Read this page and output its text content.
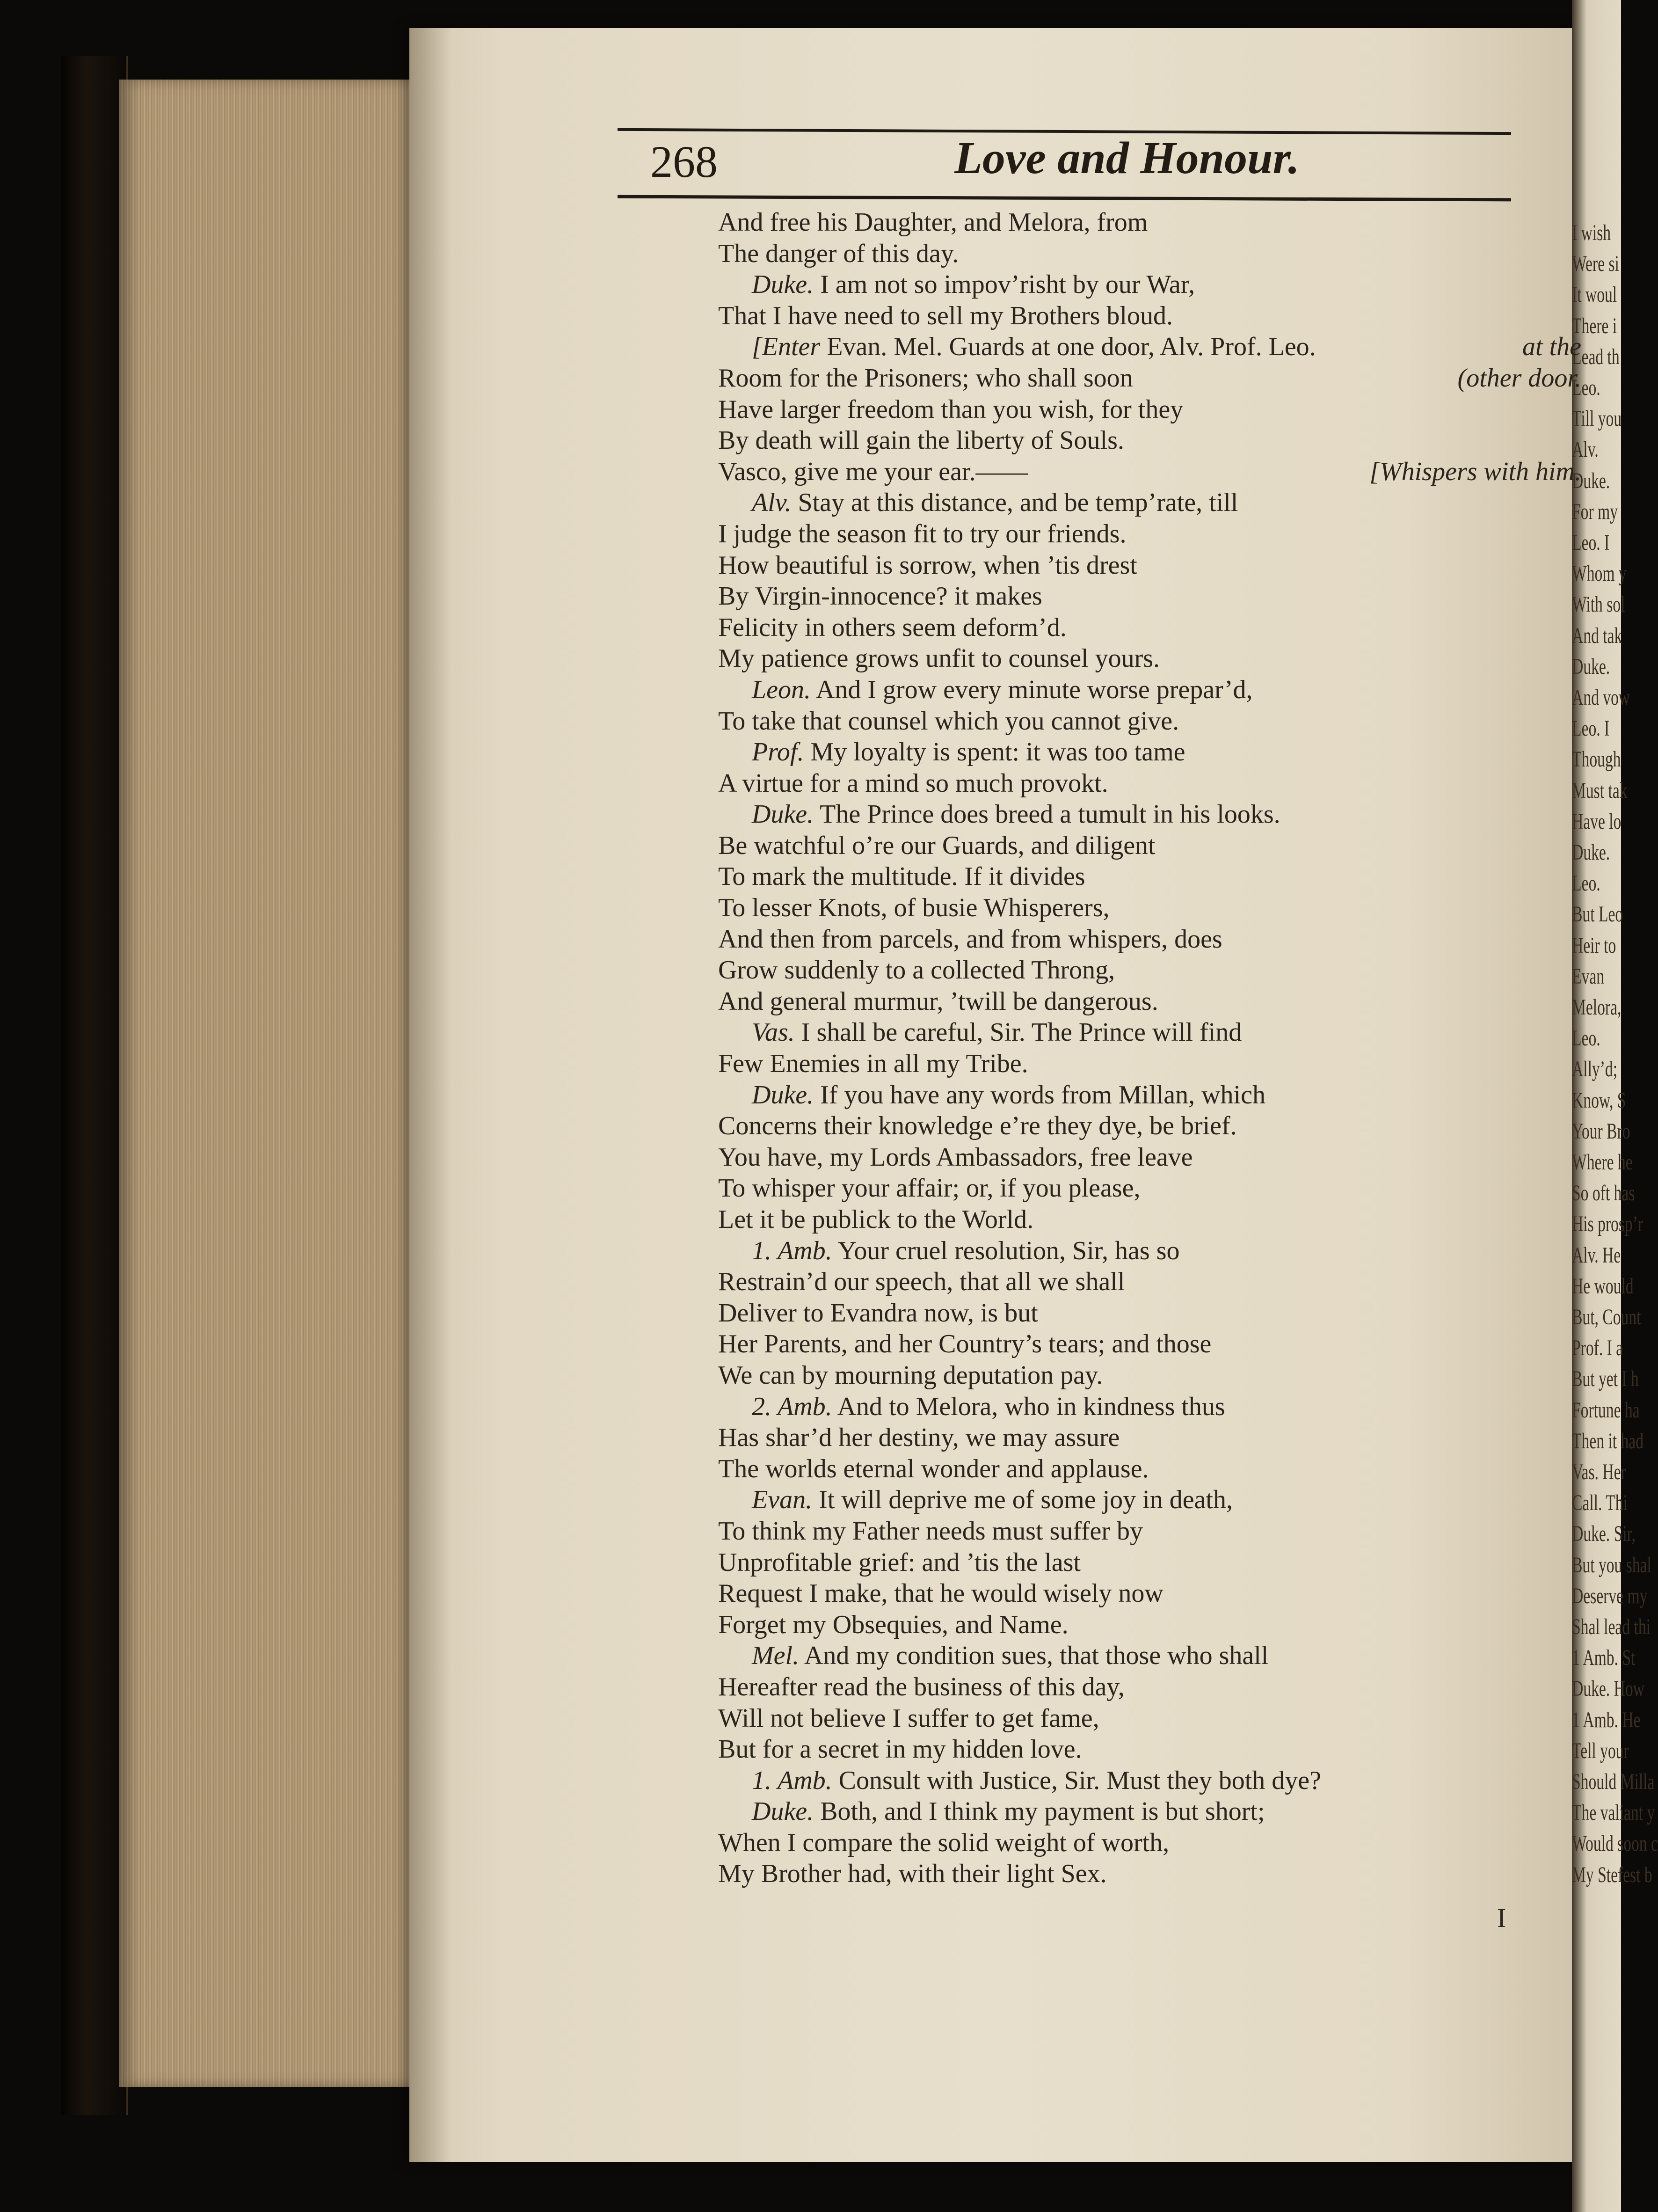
I wish
Were si
It woul
There i
Lead th
Leo.
Till you
Alv.
Duke.
For my
Leo. I
Whom y
With sol
And tak
Duke.
And vow
Leo. I
Though
Must tak
Have lo
Duke.
Leo.
But Leo
Heir to
Evan
Melora,
Leo.
Ally’d;
Know, S
Your Bro
Where he
So oft has
His prosp’r
Alv. He
He would
But, Count
Prof. I a
But yet I h
Fortune ha
Then it had
Vas. Her
Call. Thi
Duke. Sir,
But you shal
Deserve my
Shal lead thi
1 Amb. St
Duke. How
1 Amb. He
Tell your
Should Milla
The valiant y
Would soon c
My Stefest b
268	Love and Honour.
And free his Daughter, and Melora, from
The danger of this day.
Duke. I am not so impov’risht by our War,
That I have need to sell my Brothers bloud.
[Enter Evan. Mel. Guards at one door, Alv. Prof. Leo.	at the
Room for the Prisoners; who shall soon	(other door.
Have larger freedom than you wish, for they
By death will gain the liberty of Souls.
Vasco, give me your ear.——	[Whispers with him.
Alv. Stay at this distance, and be temp’rate, till
I judge the season fit to try our friends.
How beautiful is sorrow, when ’tis drest
By Virgin-innocence? it makes
Felicity in others seem deform’d.
My patience grows unfit to counsel yours.
Leon. And I grow every minute worse prepar’d,
To take that counsel which you cannot give.
Prof. My loyalty is spent: it was too tame
A virtue for a mind so much provokt.
Duke. The Prince does breed a tumult in his looks.
Be watchful o’re our Guards, and diligent
To mark the multitude. If it divides
To lesser Knots, of busie Whisperers,
And then from parcels, and from whispers, does
Grow suddenly to a collected Throng,
And general murmur, ’twill be dangerous.
Vas. I shall be careful, Sir. The Prince will find
Few Enemies in all my Tribe.
Duke. If you have any words from Millan, which
Concerns their knowledge e’re they dye, be brief.
You have, my Lords Ambassadors, free leave
To whisper your affair; or, if you please,
Let it be publick to the World.
1. Amb. Your cruel resolution, Sir, has so
Restrain’d our speech, that all we shall
Deliver to Evandra now, is but
Her Parents, and her Country’s tears; and those
We can by mourning deputation pay.
2. Amb. And to Melora, who in kindness thus
Has shar’d her destiny, we may assure
The worlds eternal wonder and applause.
Evan. It will deprive me of some joy in death,
To think my Father needs must suffer by
Unprofitable grief: and ’tis the last
Request I make, that he would wisely now
Forget my Obsequies, and Name.
Mel. And my condition sues, that those who shall
Hereafter read the business of this day,
Will not believe I suffer to get fame,
But for a secret in my hidden love.
1. Amb. Consult with Justice, Sir. Must they both dye?
Duke. Both, and I think my payment is but short;
When I compare the solid weight of worth,
My Brother had, with their light Sex.
I
